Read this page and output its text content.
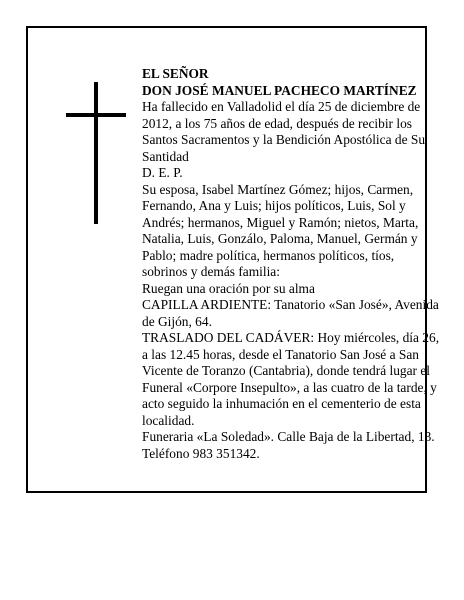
EL SEÑOR
DON JOSÉ MANUEL PACHECO MARTÍNEZ
Ha fallecido en Valladolid el día 25 de diciembre de 2012, a los 75 años de edad, después de recibir los Santos Sacramentos y la Bendición Apostólica de Su Santidad
D. E. P.
Su esposa, Isabel Martínez Gómez; hijos, Carmen, Fernando, Ana y Luis; hijos políticos, Luis, Sol y Andrés; hermanos, Miguel y Ramón; nietos, Marta, Natalia, Luis, Gonzálo, Paloma, Manuel, Germán y Pablo; madre política, hermanos políticos, tíos, sobrinos y demás familia:
Ruegan una oración por su alma
CAPILLA ARDIENTE: Tanatorio «San José», Avenida de Gijón, 64.
TRASLADO DEL CADÁVER: Hoy miércoles, día 26, a las 12.45 horas, desde el Tanatorio San José a San Vicente de Toranzo (Cantabria), donde tendrá lugar el Funeral «Corpore Insepulto», a las cuatro de la tarde, y acto seguido la inhumación en el cementerio de esta localidad.
Funeraria «La Soledad». Calle Baja de la Libertad, 13. Teléfono 983 351342.
